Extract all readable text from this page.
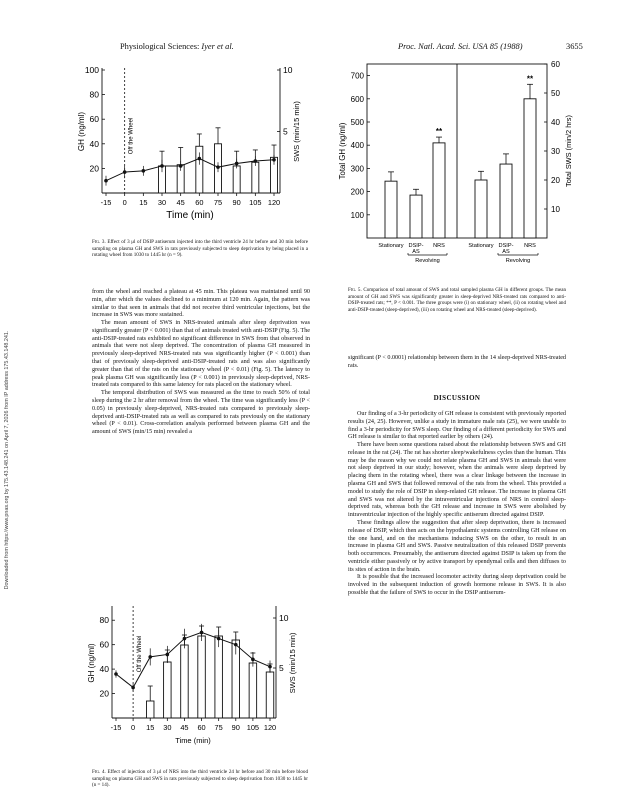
Physiological Sciences: Iyer et al.	Proc. Natl. Acad. Sci. USA 85 (1988)	3655
Downloaded from https://www.pnas.org by 175.43.148.241 on April 7, 2026 from IP address 175.43.148.241.
20
40
60
80
100
5
10
-15 0 15 30 45 60 75 90 105 120
Time (min)
GH (ng/ml)	SWS (min/15 min)
Off the Wheel
Fig. 3. Effect of 3 μl of DSIP antiserum injected into the third ventricle 24 hr before and 30 min before sampling on plasma GH and SWS in rats previously subjected to sleep deprivation by being placed in a rotating wheel from 1030 to 1445 hr (n = 9).
20
40
60
80
5
10
-15 0 15 30 45 60 75 90 105 120
Time (min)
GH (ng/ml)	SWS (min/15 min)
Off the Wheel
Fig. 4. Effect of injection of 3 μl of NRS into the third ventricle 24 hr before and 30 min before blood sampling on plasma GH and SWS in rats previously subjected to sleep deprivation from 1030 to 1445 hr (n = 14).
100
200
300
400
500
600
700
10
20
30
40
50
60
Total GH (ng/ml)	Total SWS (min/2 hrs)
**
**
Stationary DSIP-
AS
NRS	Stationary DSIP-
AS
NRS
Revolving	Revolving
Fig. 5. Comparison of total amount of SWS and total sampled plasma GH in different groups. The mean amount of GH and SWS was significantly greater in sleep-deprived NRS-treated rats compared to anti-DSIP-treated rats; **, P < 0.001. The three groups were (i) on stationary wheel, (ii) on rotating wheel and anti-DSIP-treated (sleep-deprived), (iii) on rotating wheel and NRS-treated (sleep-deprived).

from the wheel and reached a plateau at 45 min. This plateau was maintained until 90 min, after which the values declined to a minimum at 120 min. Again, the pattern was similar to that seen in animals that did not receive third ventricular injections, but the increase in SWS was more sustained.

The mean amount of SWS in NRS-treated animals after sleep deprivation was significantly greater (P < 0.001) than that of animals treated with anti-DSIP (Fig. 5). The anti-DSIP-treated rats exhibited no significant difference in SWS from that observed in animals that were not sleep deprived. The concentration of plasma GH measured in previously sleep-deprived NRS-treated rats was significantly higher (P < 0.001) than that of previously sleep-deprived anti-DSIP-treated rats and was also significantly greater than that of the rats on the stationary wheel (P < 0.01) (Fig. 5). The latency to peak plasma GH was significantly less (P < 0.001) in previously sleep-deprived, NRS-treated rats compared to this same latency for rats placed on the stationary wheel.

The temporal distribution of SWS was measured as the time to reach 50% of total sleep during the 2 hr after removal from the wheel. The time was significantly less (P < 0.05) in previously sleep-deprived, NRS-treated rats compared to previously sleep-deprived anti-DSIP-treated rats as well as compared to rats previously on the stationary wheel (P < 0.01). Cross-correlation analysis performed between plasma GH and the amount of SWS (min/15 min) revealed a

significant (P < 0.0001) relationship between them in the 14 sleep-deprived NRS-treated rats.

DISCUSSION

Our finding of a 3-hr periodicity of GH release is consistent with previously reported results (24, 25). However, unlike a study in immature male rats (25), we were unable to find a 3-hr periodicity for SWS sleep. Our finding of a different periodicity for SWS and GH release is similar to that reported earlier by others (24).

There have been some questions raised about the relationship between SWS and GH release in the rat (24). The rat has shorter sleep/wakefulness cycles than the human. This may be the reason why we could not relate plasma GH and SWS in animals that were not sleep deprived in our study; however, when the animals were sleep deprived by placing them in the rotating wheel, there was a clear linkage between the increase in plasma GH and SWS that followed removal of the rats from the wheel. This provided a model to study the role of DSIP in sleep-related GH release. The increase in plasma GH and SWS was not altered by the intraventricular injections of NRS in control sleep-deprived rats, whereas both the GH release and increase in SWS were abolished by intraventricular injection of the highly specific antiserum directed against DSIP.

These findings allow the suggestion that after sleep deprivation, there is increased release of DSIP, which then acts on the hypothalamic systems controlling GH release on the one hand, and on the mechanisms inducing SWS on the other, to result in an increase in plasma GH and SWS. Passive neutralization of this released DSIP prevents both occurrences. Presumably, the antiserum directed against DSIP is taken up from the ventricle either passively or by active transport by ependymal cells and then diffuses to its sites of action in the brain.

It is possible that the increased locomoter activity during sleep deprivation could be involved in the subsequent induction of growth hormone release in SWS. It is also possible that the failure of SWS to occur in the DSIP antiserum-
